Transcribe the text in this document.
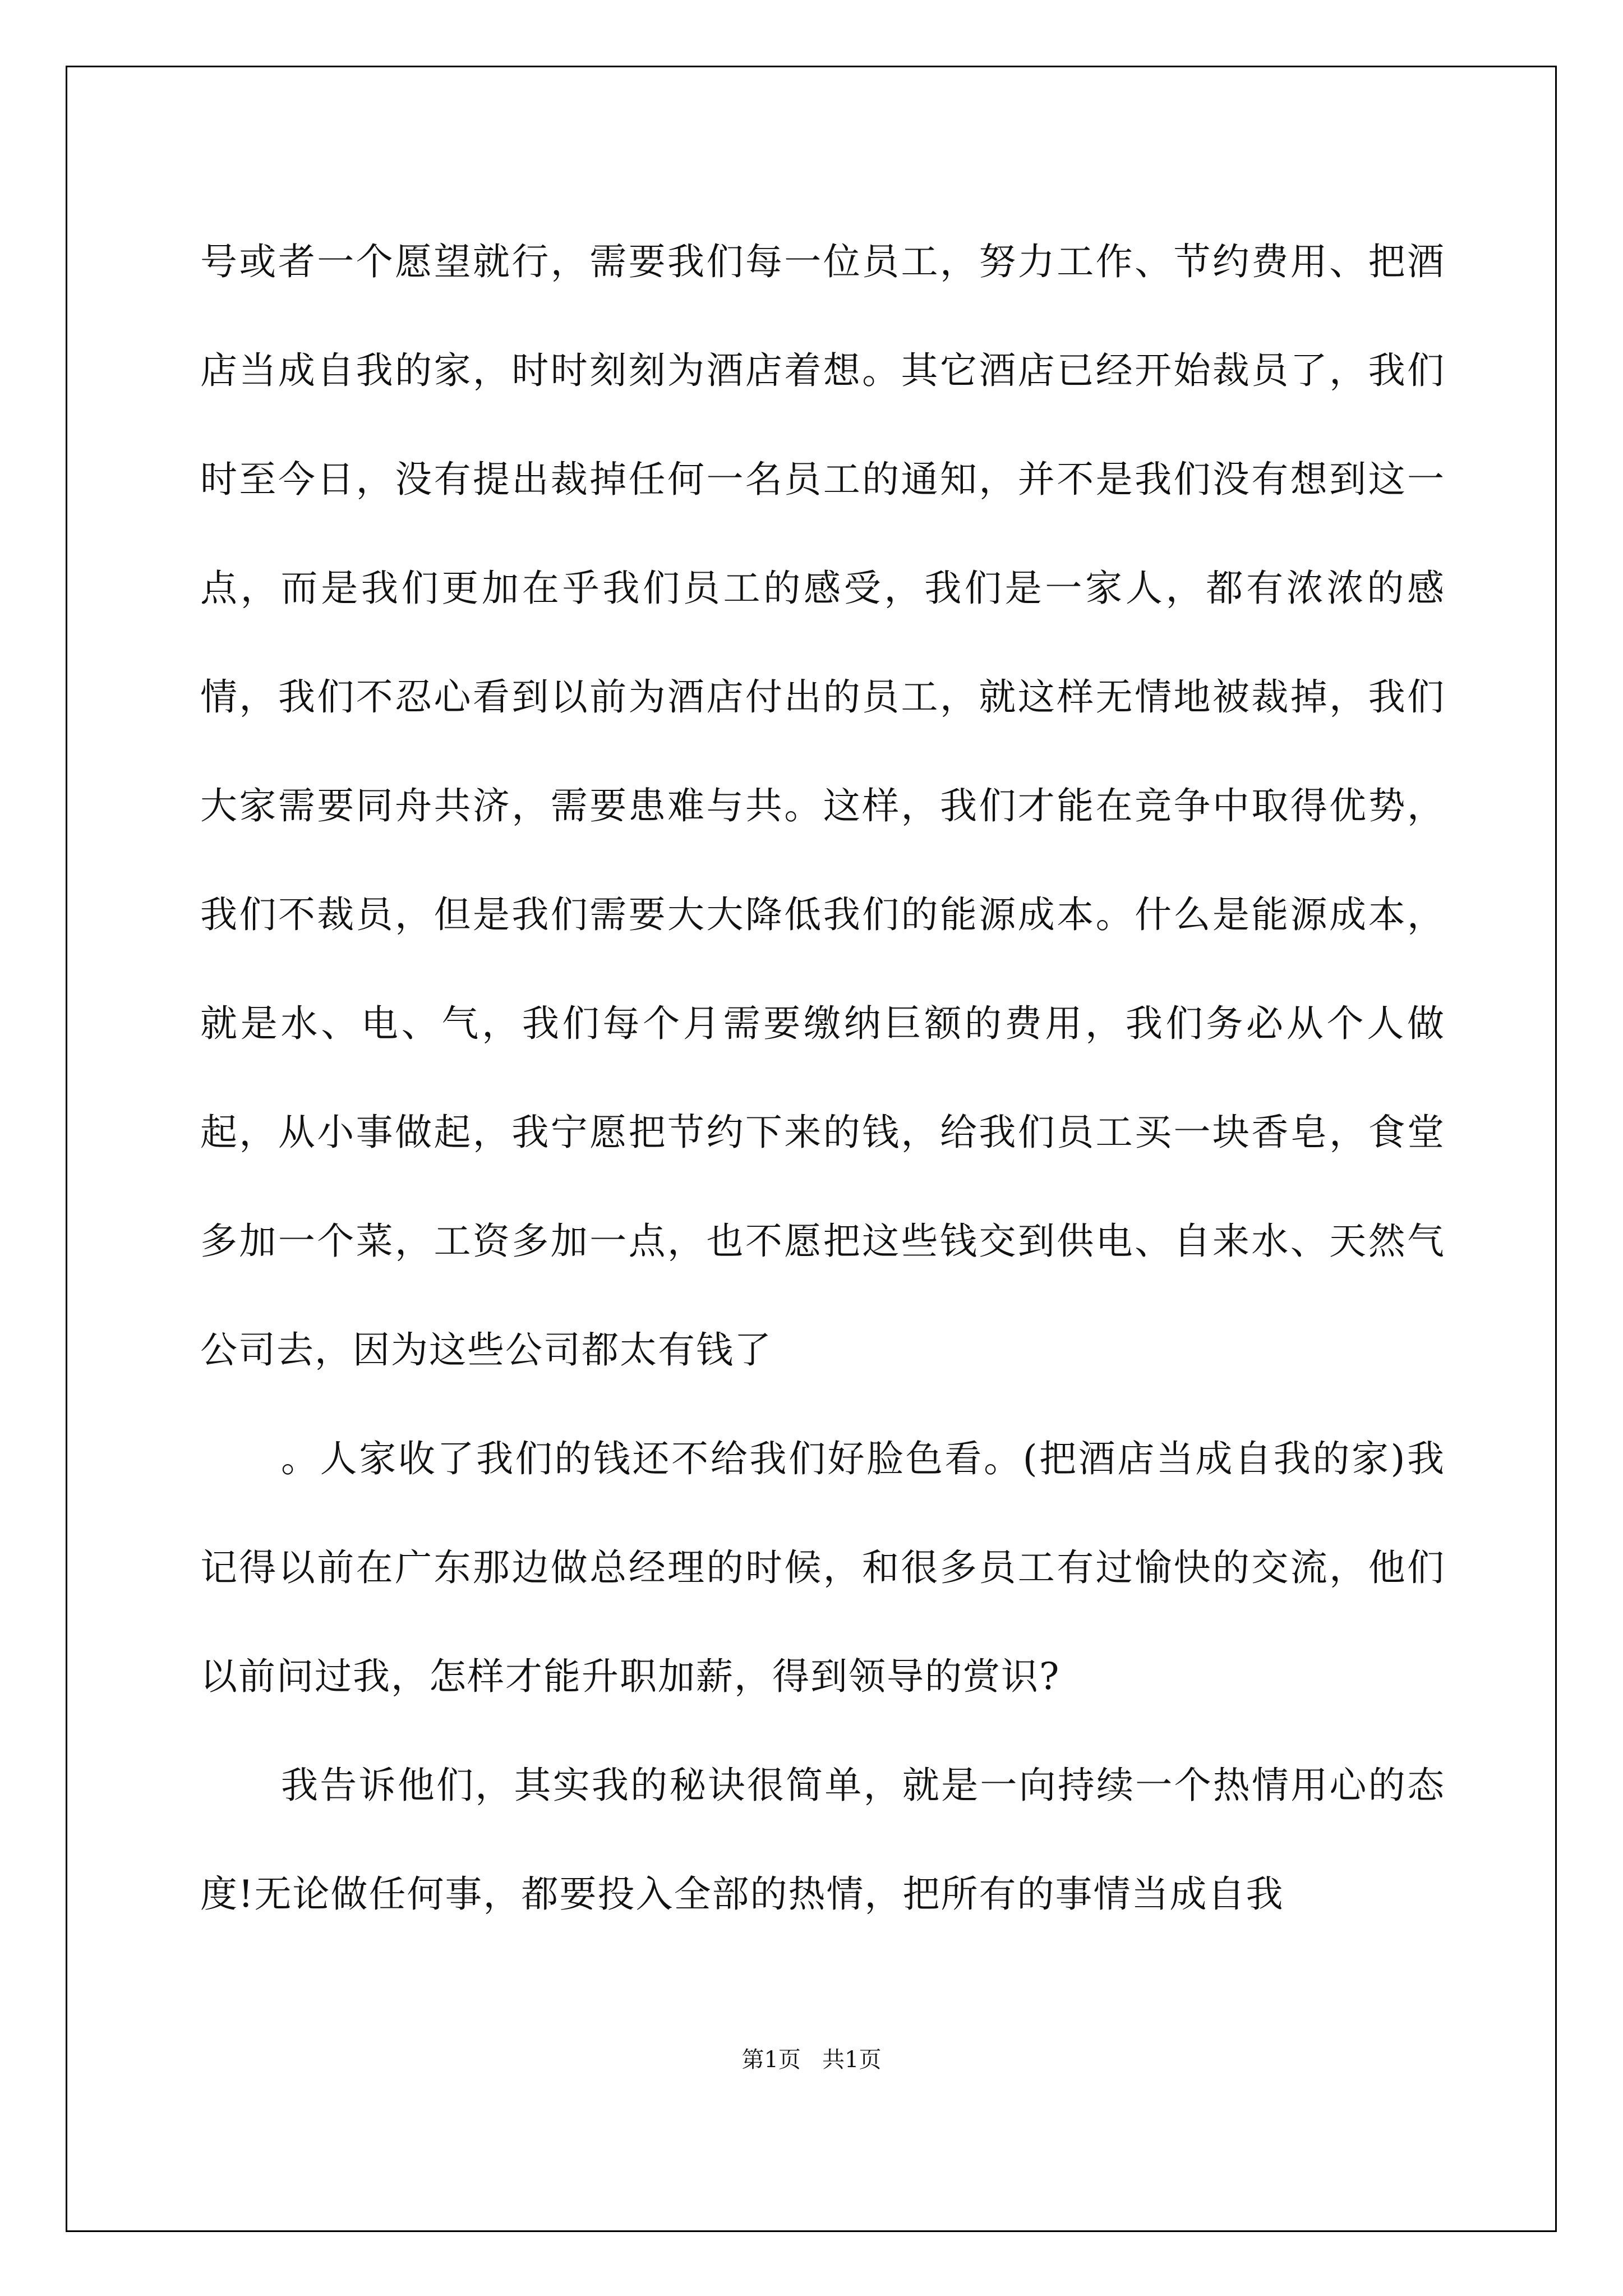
号或者一个愿望就行，需要我们每一位员工，努力工作、节约费用、把酒店当成自我的家，时时刻刻为酒店着想。其它酒店已经开始裁员了，我们时至今日，没有提出裁掉任何一名员工的通知，并不是我们没有想到这一点，而是我们更加在乎我们员工的感受，我们是一家人，都有浓浓的感情，我们不忍心看到以前为酒店付出的员工，就这样无情地被裁掉，我们大家需要同舟共济，需要患难与共。这样，我们才能在竞争中取得优势，我们不裁员，但是我们需要大大降低我们的能源成本。什么是能源成本，就是水、电、气，我们每个月需要缴纳巨额的费用，我们务必从个人做起，从小事做起，我宁愿把节约下来的钱，给我们员工买一块香皂，食堂多加一个菜，工资多加一点，也不愿把这些钱交到供电、自来水、天然气公司去，因为这些公司都太有钱了

。人家收了我们的钱还不给我们好脸色看。(把酒店当成自我的家)我记得以前在广东那边做总经理的时候，和很多员工有过愉快的交流，他们以前问过我，怎样才能升职加薪，得到领导的赏识?

我告诉他们，其实我的秘诀很简单，就是一向持续一个热情用心的态度!无论做任何事，都要投入全部的热情，把所有的事情当成自我

第1页   共1页
